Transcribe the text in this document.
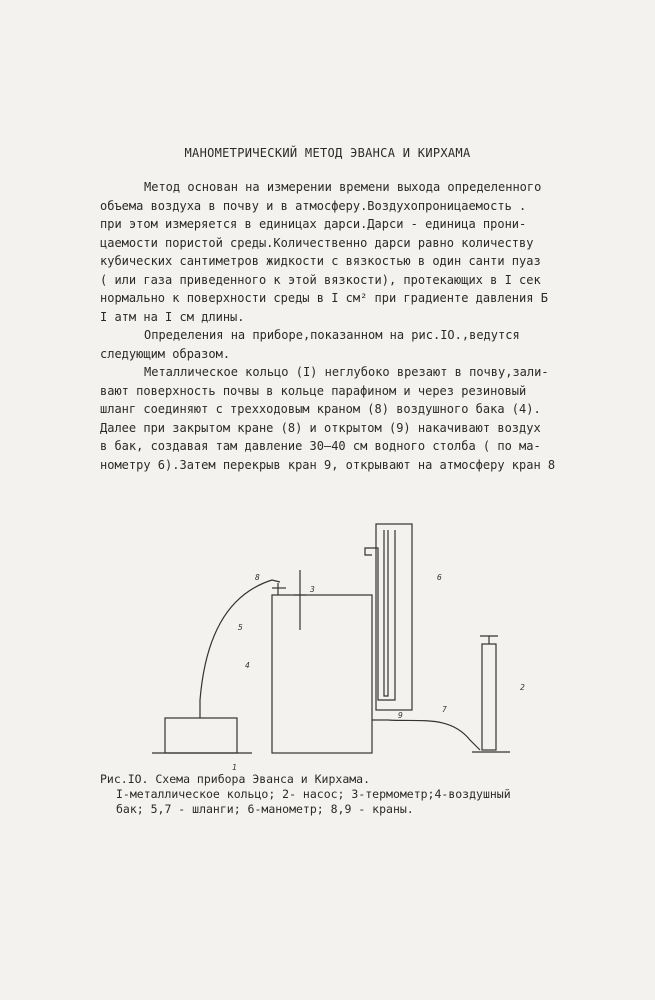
МАНОМЕТРИЧЕСКИЙ МЕТОД ЭВАНСА И КИРХАМА
Метод основан на измерении времени выхода определенного
объема воздуха в почву и в атмосферу.Воздухопроницаемость .
при этом измеряется в единицах дарси.Дарси - единица прони-
цаемости пористой среды.Количественно дарси равно количеству
кубических сантиметров жидкости с вязкостью в один санти пуаз
( или газа приведенного к этой вязкости), протекающих в I сек
нормально к поверхности среды в I см² при градиенте давления Б
I атм на I см длины.
Определения на приборе,показанном на рис.IO.,ведутся
следующим образом.
Металлическое кольцо (I) неглубоко врезают в почву,зали-
вают поверхность почвы в кольце парафином и через резиновый
шланг соединяют с трехходовым краном (8) воздушного бака (4).
Далее при закрытом кране (8) и открытом (9) накачивают воздух
в бак, создавая там давление 30–40 см водного столба ( по ма-
нометру 6).Затем перекрыв кран 9, открывают на атмосферу кран 8
1
2
3
4
5
6
7
8
9
Рис.IO. Схема прибора Эванса и Кирхама.
I-металлическое кольцо; 2- насос; 3-термометр;4-воздушный
бак; 5,7 - шланги; 6-манометр; 8,9 - краны.
